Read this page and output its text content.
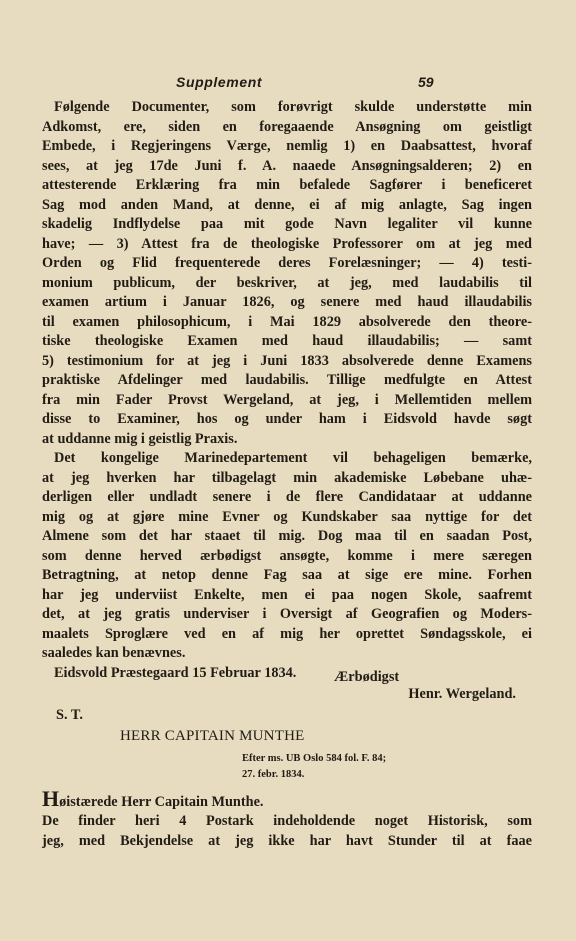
Supplement	59
Følgende Documenter, som forøvrigt skulde understøtte min
Adkomst, ere, siden en foregaaende Ansøgning om geistligt
Embede, i Regjeringens Værge, nemlig 1) en Daabsattest, hvoraf
sees, at jeg 17de Juni f. A. naaede Ansøgningsalderen; 2) en
attesterende Erklæring fra min befalede Sagfører i beneficeret
Sag mod anden Mand, at denne, ei af mig anlagte, Sag ingen
skadelig Indflydelse paa mit gode Navn legaliter vil kunne
have; — 3) Attest fra de theologiske Professorer om at jeg med
Orden og Flid frequenterede deres Forelæsninger; — 4) testi-
monium publicum, der beskriver, at jeg, med laudabilis til
examen artium i Januar 1826, og senere med haud illaudabilis
til examen philosophicum, i Mai 1829 absolverede den theore-
tiske theologiske Examen med haud illaudabilis; — samt
5) testimonium for at jeg i Juni 1833 absolverede denne Examens
praktiske Afdelinger med laudabilis. Tillige medfulgte en Attest
fra min Fader Provst Wergeland, at jeg, i Mellemtiden mellem
disse to Examiner, hos og under ham i Eidsvold havde søgt
at uddanne mig i geistlig Praxis.
Det kongelige Marinedepartement vil behageligen bemærke,
at jeg hverken har tilbagelagt min akademiske Løbebane uhæ-
derligen eller undladt senere i de flere Candidataar at uddanne
mig og at gjøre mine Evner og Kundskaber saa nyttige for det
Almene som det har staaet til mig. Dog maa til en saadan Post,
som denne herved ærbødigst ansøgte, komme i mere særegen
Betragtning, at netop denne Fag saa at sige ere mine. Forhen
har jeg underviist Enkelte, men ei paa nogen Skole, saafremt
det, at jeg gratis underviser i Oversigt af Geografien og Moders-
maalets Sproglære ved en af mig her oprettet Søndagsskole, ei
saaledes kan benævnes.
Eidsvold Præstegaard 15 Februar 1834.	Ærbødigst
Henr. Wergeland.
S. T.
HERR CAPITAIN MUNTHE
Efter ms. UB Oslo 584 fol. F. 84;
27. febr. 1834.
Høistærede Herr Capitain Munthe.
De finder heri 4 Postark indeholdende noget Historisk, som
jeg, med Bekjendelse at jeg ikke har havt Stunder til at faae
